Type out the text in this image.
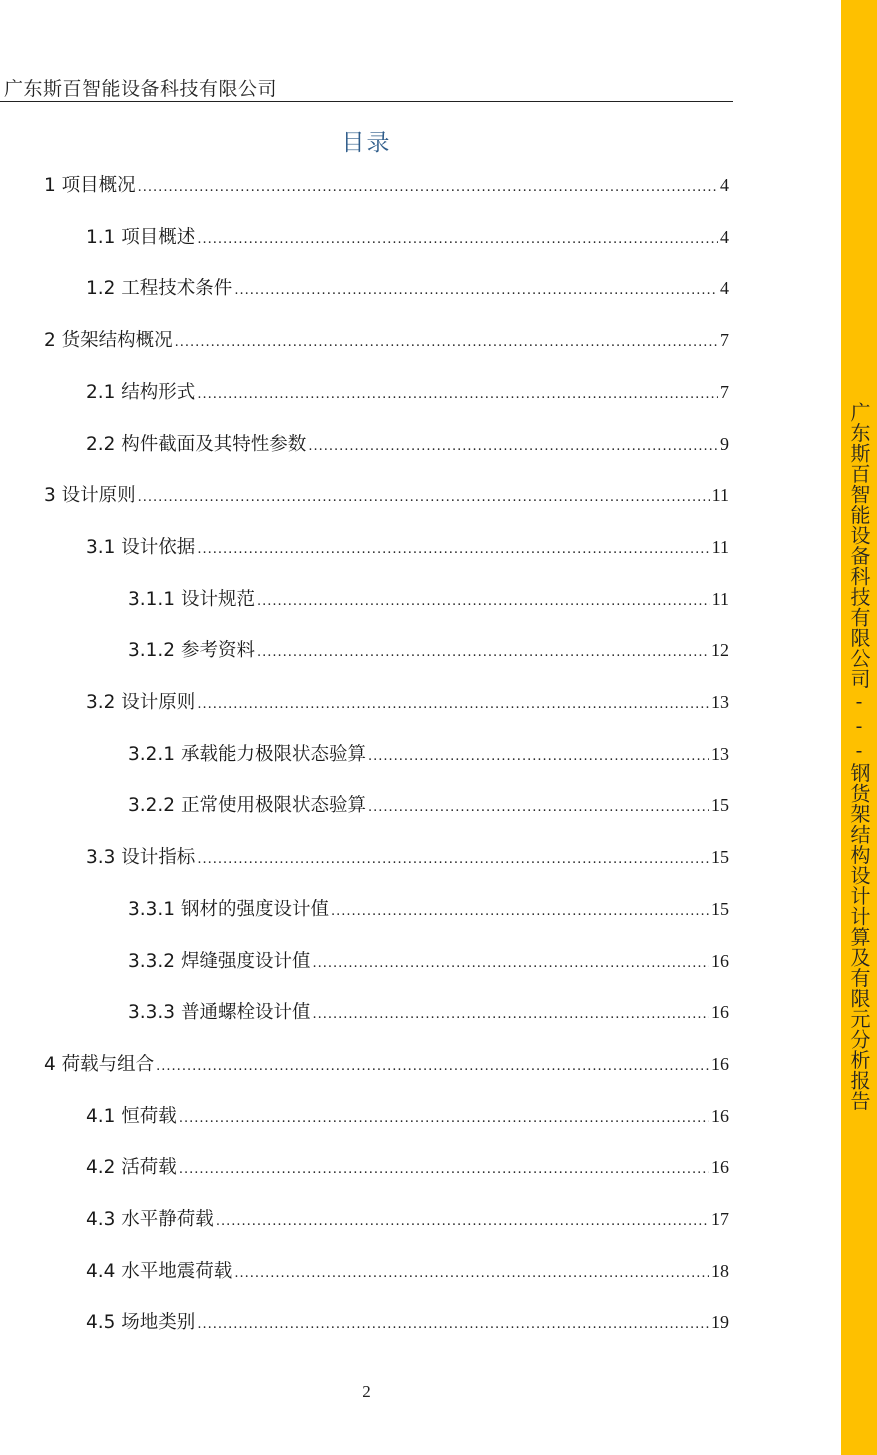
广东斯百智能设备科技有限公司
目录
1 项目概况 .....	4
1.1 项目概述 .....	4
1.2 工程技术条件 .....	4
2 货架结构概况 .....	7
2.1 结构形式 .....	7
2.2 构件截面及其特性参数 .....	9
3 设计原则 .....	11
3.1 设计依据 .....	11
3.1.1 设计规范 .....	11
3.1.2 参考资料 .....	12
3.2 设计原则 .....	13
3.2.1 承载能力极限状态验算 .....	13
3.2.2 正常使用极限状态验算 .....	15
3.3 设计指标 .....	15
3.3.1 钢材的强度设计值 .....	15
3.3.2 焊缝强度设计值 .....	16
3.3.3 普通螺栓设计值 .....	16
4 荷载与组合 .....	16
4.1 恒荷载 .....	16
4.2 活荷载 .....	16
4.3 水平静荷载 .....	17
4.4 水平地震荷载 .....	18
4.5 场地类别 .....	19
2
广东斯百智能设备科技有限公司---钢货架结构设计计算及有限元分析报告
